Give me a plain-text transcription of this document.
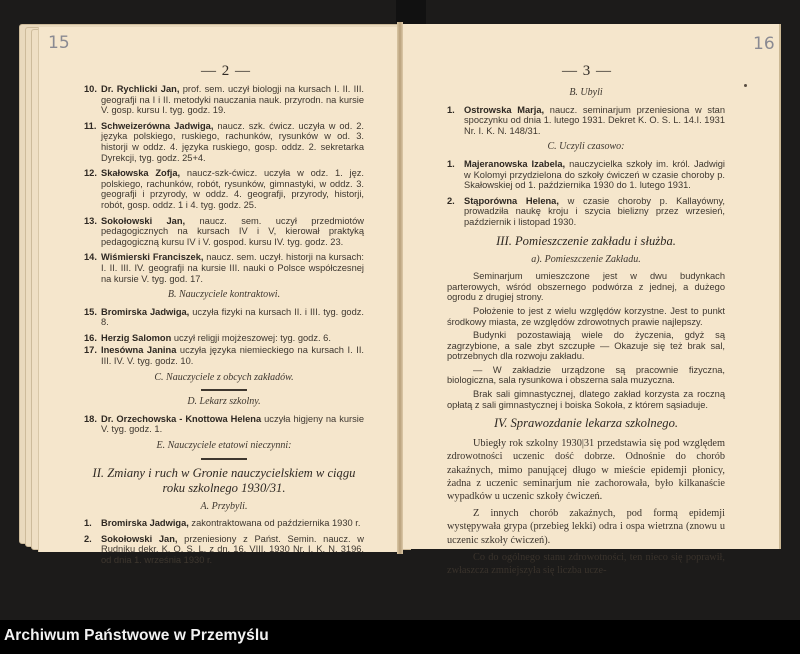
15	16
— 2 —	— 3 —
10. Dr. Rychlicki Jan, prof. sem. uczył biologji na kursach I. II. III. geografji na I i II. metodyki nauczania nauk. przyrodn. na kursie V. gosp. kursu I. tyg. godz. 19.
11. Schweizerówna Jadwiga, naucz. szk. ćwicz. uczyła w od. 2. języka polskiego, ruskiego, rachunków, rysunków w od. 3. historji w oddz. 4. języka ruskiego, gosp. oddz. 2. sekretarka Dyrekcji, tyg. godz. 25+4.
12. Skałowska Zofja, naucz-szk-ćwicz. uczyła w odz. 1. jęz. polskiego, rachunków, robót, rysunków, gimnastyki, w oddz. 3. geografji i przyrody, w oddz. 4. geografji, przyrody, historji, robót, gosp. oddz. 1 i 4. tyg. godz. 25.
13. Sokołowski Jan, naucz. sem. uczył przedmiotów pedagogicznych na kursach IV i V, kierował praktyką pedagogiczną kursu IV i V. gospod. kursu IV. tyg. godz. 23.
14. Wiśmierski Franciszek, naucz. sem. uczył. historji na kursach: I. II. III. IV. geografji na kursie III. nauki o Polsce współczesnej na kursie V. tyg. god. 17.
B. Nauczyciele kontraktowi.
15. Bromirska Jadwiga, uczyła fizyki na kursach II. i III. tyg. godz. 8.
16. Herzig Salomon uczył religji mojżeszowej: tyg. godz. 6.
17. Inesówna Janina uczyła języka niemieckiego na kursach I. II. III. IV. V. tyg. godz. 10.
C. Nauczyciele z obcych zakładów.
D. Lekarz szkolny.
18. Dr. Orzechowska - Knottowa Helena uczyła higjeny na kursie V. tyg. godz. 1.
E. Nauczyciele etatowi nieczynni:
II. Zmiany i ruch w Gronie nauczycielskiem w ciągu roku szkolnego 1930/31.
A. Przybyli.
1. Bromirska Jadwiga, zakontraktowana od października 1930 r.
2. Sokołowski Jan, przeniesiony z Państ. Semin. naucz. w Rudniku dekr. K. O. S. L. z dn. 16. VIII. 1930 Nr. I. K. N. 3196. od dnia 1. września 1930 r.
B. Ubyli
1. Ostrowska Marja, naucz. seminarjum przeniesiona w stan spoczynku od dnia 1. lutego 1931. Dekret K. O. S. L. 14.I. 1931 Nr. I. K. N. 148/31.
C. Uczyli czasowo:
1. Majeranowska Izabela, nauczycielka szkoły im. król. Jadwigi w Kolomyi przydzielona do szkoły ćwiczeń w czasie choroby p. Skałowskiej od 1. października 1930 do 1. lutego 1931.
2. Stąporówna Helena, w czasie choroby p. Kallayówny, prowadziła naukę kroju i szycia bielizny przez wrzesień, październik i listopad 1930.
III. Pomieszczenie zakładu i służba.
a). Pomieszczenie Zakładu.
Seminarjum umieszczone jest w dwu budynkach parterowych, wśród obszernego podwórza z jednej, a dużego ogrodu z drugiej strony.
Położenie to jest z wielu względów korzystne. Jest to punkt środkowy miasta, ze względów zdrowotnych prawie najlepszy.
Budynki pozostawiają wiele do życzenia, gdyż są zagrzybione, a sale zbyt szczupłe — Okazuje się też brak sal, potrzebnych dla rozwoju zakładu.
— W zakładzie urządzone są pracownie fizyczna, biologiczna, sala rysunkowa i obszerna sala muzyczna.
Brak sali gimnastycznej, dlatego zakład korzysta za roczną opłatą z sali gimnastycznej i boiska Sokoła, z którem sąsiaduje.
IV. Sprawozdanie lekarza szkolnego.
Ubiegły rok szkolny 1930|31 przedstawia się pod względem zdrowotności uczenic dość dobrze. Odnośnie do chorób zakaźnych, mimo panującej długo w mieście epidemji płonicy, żadna z uczenic seminarjum nie zachorowała, było kilkanaście wypadków u uczenic szkoły ćwiczeń.
Z innych chorób zakaźnych, pod formą epidemji występywała grypa (przebieg lekki) odra i ospa wietrzna (znowu u uczenic szkoły ćwiczeń).
Co do ogólnego stanu zdrowotności, ten nieco się poprawił, zwłaszcza zmniejszyła się liczba ucze-
Archiwum Państwowe w Przemyślu
